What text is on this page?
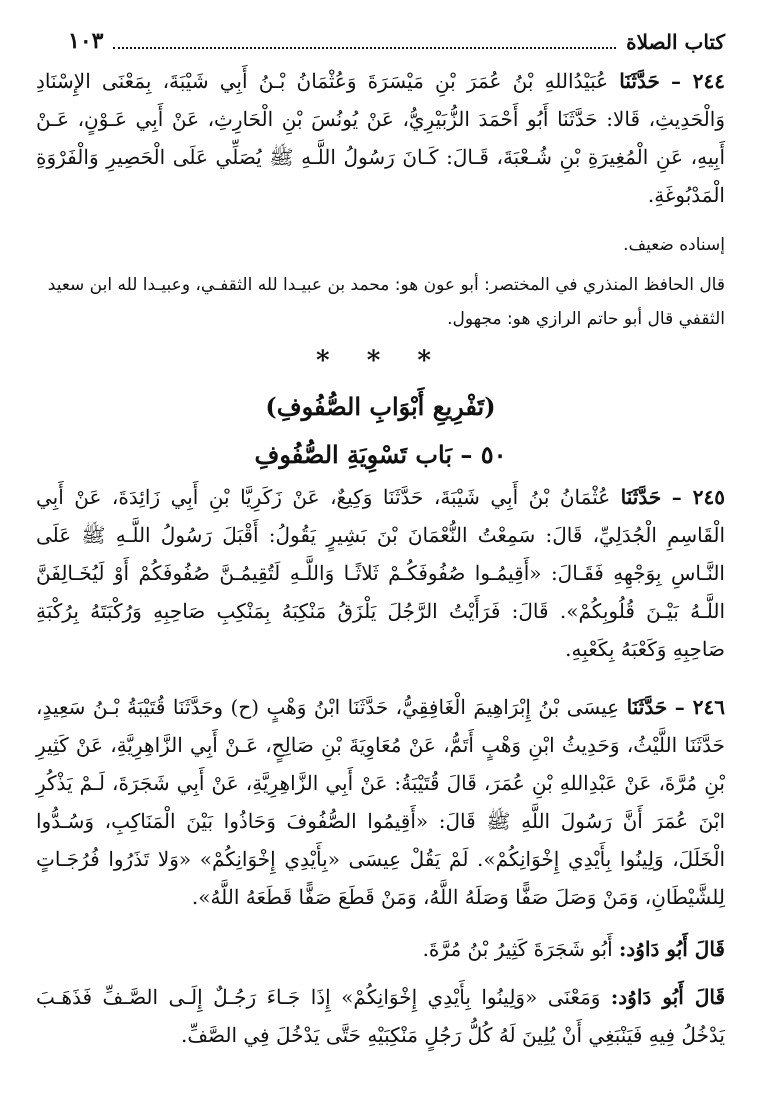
كتاب الصلاة
١٠٣

٢٤٤ – حَدَّثَنَا عُبَيْدُاللهِ بْنُ عُمَرَ بْنِ مَيْسَرَةَ وَعُثْمَانُ بْـنُ أَبِي شَيْبَةَ، بِمَعْنَى الإِسْنَادِ وَالْحَدِيثِ، قَالا: حَدَّثَنَا أَبُو أَحْمَدَ الزُّبَيْرِيُّ، عَنْ يُونُسَ بْنِ الْحَارِثِ، عَنْ أَبِي عَـوْنٍ، عَـنْ أَبِيهِ، عَنِ الْمُغِيرَةِ بْنِ شُـعْبَةَ، قَـالَ: كَـانَ رَسُولُ اللَّـهِ ﷺ يُصَلِّي عَلَى الْحَصِيرِ وَالْفَرْوَةِ الْمَدْبُوغَةِ.

إسناده ضعيف.

قال الحافظ المنذري في المختصر: أبو عون هو: محمد بن عبيـدا لله الثقفـي، وعبيـدا لله ابن سعيد الثقفي قال أبو حاتم الرازي هو: مجهول.

* * *
(تَفْرِيعِ أَبْوَابِ الصُّفُوفِ)
٥٠ – بَاب تَسْوِيَةِ الصُّفُوفِ

٢٤٥ – حَدَّثَنَا عُثْمَانُ بْنُ أَبِي شَيْبَةَ، حَدَّثَنَا وَكِيعٌ، عَنْ زَكَرِيَّا بْنِ أَبِي زَائِدَةَ، عَنْ أَبِي الْقَاسِمِ الْجُدَلِيِّ، قَالَ: سَمِعْتُ النُّعْمَانَ بْنَ بَشِيرٍ يَقُولُ: أَقْبَلَ رَسُولُ اللَّـهِ ﷺ عَلَى النَّـاسِ بِوَجْهِهِ فَقَـالَ: «أَقِيمُـوا صُفُوفَكُـمْ ثَلاثًـا وَاللَّـهِ لَتُقِيمُـنَّ صُفُوفَكُمْ أَوْ لَيُخَـالِفَنَّ اللَّـهُ بَيْـنَ قُلُوبِكُمْ». قَالَ: فَرَأَيْتُ الرَّجُلَ يَلْزَقُ مَنْكِبَهُ بِمَنْكِبِ صَاحِبِهِ وَرُكْبَتَهُ بِرُكْبَةِ صَاحِبِهِ وَكَعْبَهُ بِكَعْبِهِ.

٢٤٦ – حَدَّثَنَا عِيسَى بْنُ إِبْرَاهِيمَ الْغَافِقِيُّ، حَدَّثَنَا ابْنُ وَهْبٍ (ح) وحَدَّثَنَا قُتَيْبَةُ بْـنُ سَعِيدٍ، حَدَّثَنَا اللَّيْثُ، وَحَدِيثُ ابْنِ وَهْبٍ أَتَمُّ، عَنْ مُعَاوِيَةَ بْنِ صَالِحٍ، عَـنْ أَبِي الزَّاهِرِيَّةِ، عَنْ كَثِيرِ بْنِ مُرَّةَ، عَنْ عَبْدِاللهِ بْنِ عُمَرَ، قَالَ قُتَيْبَةُ: عَنْ أَبِي الزَّاهِرِيَّةِ، عَنْ أَبِي شَجَرَةَ، لَـمْ يَذْكُرِ ابْنَ عُمَرَ أَنَّ رَسُولَ اللَّهِ ﷺ قَالَ: «أَقِيمُوا الصُّفُوفَ وَحَاذُوا بَيْنَ الْمَنَاكِبِ، وَسُـدُّوا الْخَلَلَ، وَلِينُوا بِأَيْدِي إِخْوَانِكُمْ». لَمْ يَقُلْ عِيسَى «بِأَيْدِي إِخْوَانِكُمْ» «وَلا تَذَرُوا فُرُجَـاتٍ لِلشَّيْطَانِ، وَمَنْ وَصَلَ صَفًّا وَصَلَهُ اللَّهُ، وَمَنْ قَطَعَ صَفًّا قَطَعَهُ اللَّهُ».

قَالَ أَبُو دَاوُد: أَبُو شَجَرَةَ كَثِيرُ بْنُ مُرَّةَ.

قَالَ أَبُو دَاوُد: وَمَعْنَى «وَلِينُوا بِأَيْدِي إِخْوَانِكُمْ» إِذَا جَـاءَ رَجُـلٌ إِلَـى الصَّـفِّ فَذَهَـبَ يَدْخُلُ فِيهِ فَيَنْبَغِي أَنْ يُلِينَ لَهُ كُلُّ رَجُلٍ مَنْكِبَيْهِ حَتَّى يَدْخُلَ فِي الصَّفِّ.
